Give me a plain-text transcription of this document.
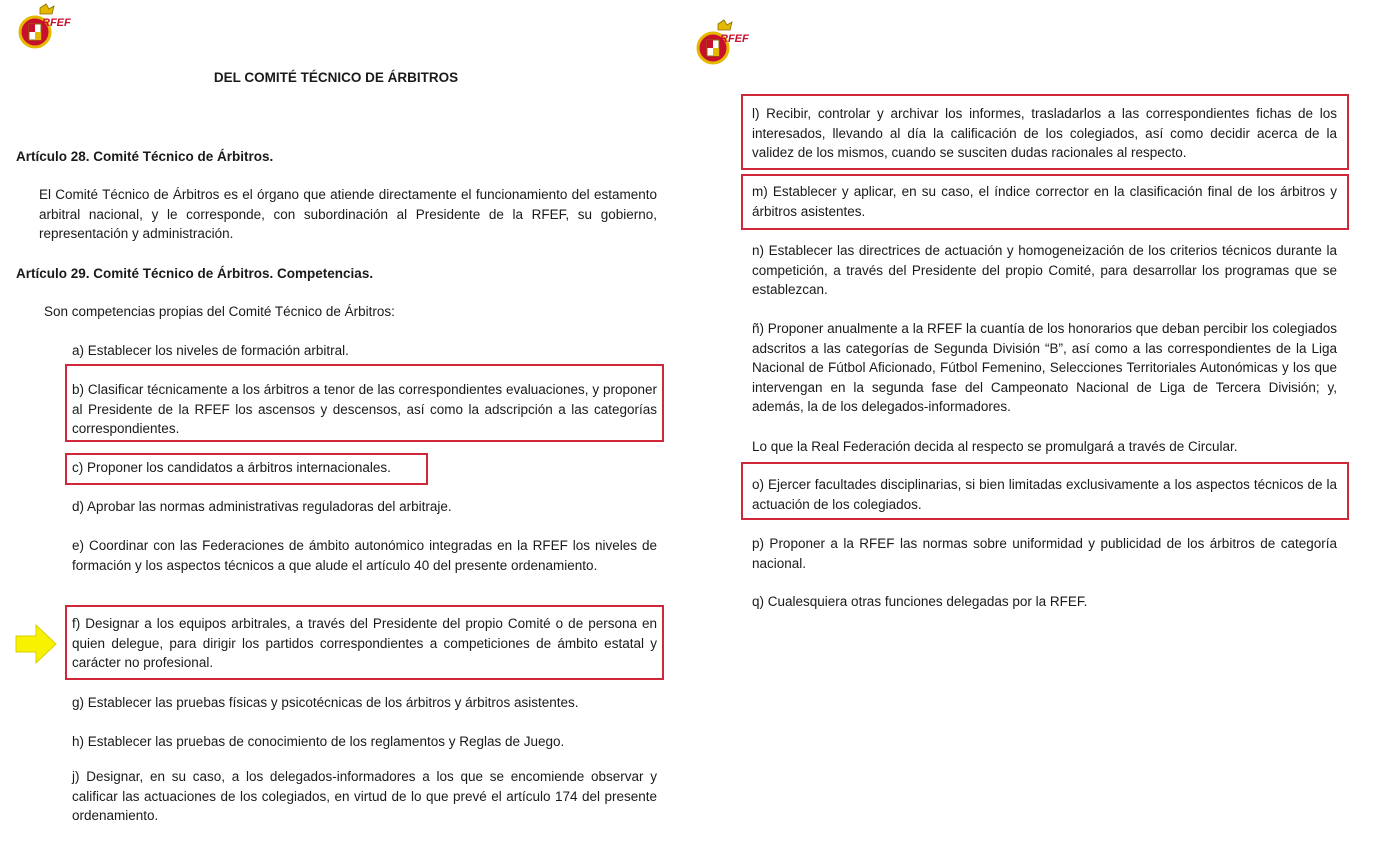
RFEF
DEL COMITÉ TÉCNICO DE ÁRBITROS
Artículo 28. Comité Técnico de Árbitros.

El Comité Técnico de Árbitros es el órgano que atiende directamente el funcionamiento del estamento arbitral nacional, y le corresponde, con subordinación al Presidente de la RFEF, su gobierno, representación y administración.

Artículo 29. Comité Técnico de Árbitros. Competencias.

Son competencias propias del Comité Técnico de Árbitros:

a) Establecer los niveles de formación arbitral.

b) Clasificar técnicamente a los árbitros a tenor de las correspondientes evaluaciones, y proponer al Presidente de la RFEF los ascensos y descensos, así como la adscripción a las categorías correspondientes.

c) Proponer los candidatos a árbitros internacionales.

d) Aprobar las normas administrativas reguladoras del arbitraje.

e) Coordinar con las Federaciones de ámbito autonómico integradas en la RFEF los niveles de formación y los aspectos técnicos a que alude el artículo 40 del presente ordenamiento.

f) Designar a los equipos arbitrales, a través del Presidente del propio Comité o de persona en quien delegue, para dirigir los partidos correspondientes a competiciones de ámbito estatal y carácter no profesional.

g) Establecer las pruebas físicas y psicotécnicas de los árbitros y árbitros asistentes.

h) Establecer las pruebas de conocimiento de los reglamentos y Reglas de Juego.

j) Designar, en su caso, a los delegados-informadores a los que se encomiende observar y calificar las actuaciones de los colegiados, en virtud de lo que prevé el artículo 174 del presente ordenamiento.

RFEF

l) Recibir, controlar y archivar los informes, trasladarlos a las correspondientes fichas de los interesados, llevando al día la calificación de los colegiados, así como decidir acerca de la validez de los mismos, cuando se susciten dudas racionales al respecto.

m) Establecer y aplicar, en su caso, el índice corrector en la clasificación final de los árbitros y árbitros asistentes.

n) Establecer las directrices de actuación y homogeneización de los criterios técnicos durante la competición, a través del Presidente del propio Comité, para desarrollar los programas que se establezcan.

ñ) Proponer anualmente a la RFEF la cuantía de los honorarios que deban percibir los colegiados adscritos a las categorías de Segunda División “B”, así como a las correspondientes de la Liga Nacional de Fútbol Aficionado, Fútbol Femenino, Selecciones Territoriales Autonómicas y los que intervengan en la segunda fase del Campeonato Nacional de Liga de Tercera División; y, además, la de los delegados-informadores.

Lo que la Real Federación decida al respecto se promulgará a través de Circular.

o) Ejercer facultades disciplinarias, si bien limitadas exclusivamente a los aspectos técnicos de la actuación de los colegiados.

p) Proponer a la RFEF las normas sobre uniformidad y publicidad de los árbitros de categoría nacional.

q) Cualesquiera otras funciones delegadas por la RFEF.
